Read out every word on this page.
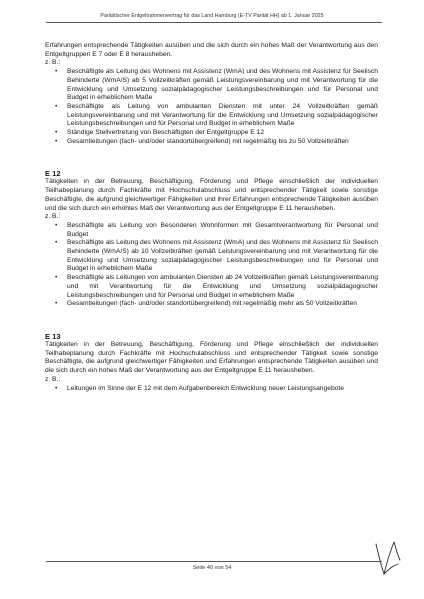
Paritätischer Entgeltrahmenvertrag für das Land Hamburg (E-TV Parität HH) ab 1. Januar 2025

Erfahrungen entsprechende Tätigkeiten ausüben und die sich durch ein hohes Maß der Verantwortung aus den Entgeltgruppen E 7 oder E 8 herausheben.

z. B.:

• Beschäftigte als Leitung des Wohnens mit Assistenz (WmA) und des Wohnens mit Assistenz für Seelisch Behinderte (WmA/S) ab 5 Vollzeitkräften gemäß Leistungsvereinbarung und mit Verantwortung für die Entwicklung und Umsetzung sozialpädagogischer Leistungsbeschreibungen und für Personal und Budget in erheblichem Maße
• Beschäftigte als Leitung von ambulanten Diensten mit unter 24 Vollzeitkräften gemäß Leistungsvereinbarung und mit Verantwortung für die Entwicklung und Umsetzung sozialpädagogischer Leistungsbeschreibungen und für Personal und Budget in erheblichem Maße
• Ständige Stellvertretung von Beschäftigten der Entgeltgruppe E 12
• Gesamtleitungen (fach- und/oder standortübergreifend) mit regelmäßig bis zu 50 Vollzeitkräften
E 12

Tätigkeiten in der Betreuung, Beschäftigung, Förderung und Pflege einschließlich der individuellen Teilhabeplanung durch Fachkräfte mit Hochschulabschluss und entsprechender Tätigkeit sowie sonstige Beschäftigte, die aufgrund gleichwertiger Fähigkeiten und ihrer Erfahrungen entsprechende Tätigkeiten ausüben und die sich durch ein erhöhtes Maß der Verantwortung aus der Entgeltgruppe E 11 herausheben.

z. B.:

• Beschäftigte als Leitung von Besonderen Wohnformen mit Gesamtverantwortung für Personal und Budget
• Beschäftigte als Leitung des Wohnens mit Assistenz (WmA) und des Wohnens mit Assistenz für Seelisch Behinderte (WmA/S) ab 10 Vollzeitkräften gemäß Leistungsvereinbarung und mit Verantwortung für die Entwicklung und Umsetzung sozialpädagogischer Leistungsbeschreibungen und für Personal und Budget in erheblichem Maße
• Beschäftigte als Leitungen von ambulanten Diensten ab 24 Vollzeitkräften gemäß Leistungsvereinbarung und mit Verantwortung für die Entwicklung und Umsetzung sozialpädagogischer Leistungsbeschreibungen und für Personal und Budget in erheblichem Maße
• Gesamtleitungen (fach- und/oder standortübergreifend) mit regelmäßig mehr als 50 Vollzeitkräften
E 13

Tätigkeiten in der Betreuung, Beschäftigung, Förderung und Pflege einschließlich der individuellen Teilhabeplanung durch Fachkräfte mit Hochschulabschluss und entsprechender Tätigkeit sowie sonstige Beschäftigte, die aufgrund gleichwertiger Fähigkeiten und Erfahrungen entsprechende Tätigkeiten ausüben und die sich durch ein hohes Maß der Verantwortung aus der Entgeltgruppe E 11 herausheben.

z. B.:

• Leitungen im Sinne der E 12 mit dem Aufgabenbereich Entwicklung neuer Leistungsangebote
Seite 40 von 54
